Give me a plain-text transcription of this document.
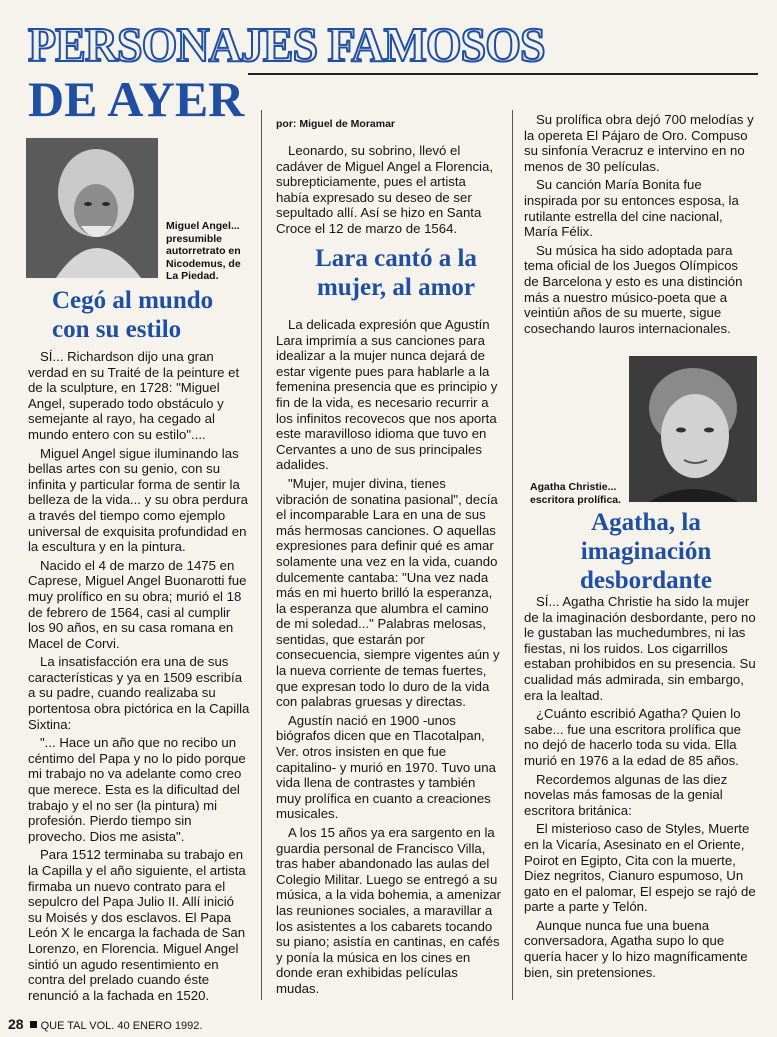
PERSONAJES FAMOSOS
DE AYER
Miguel Angel... presumible autorretrato en Nicodemus, de La Piedad.
Cegó al mundo con su estilo

SÍ... Richardson dijo una gran verdad en su Traité de la peinture et de la sculpture, en 1728: "Miguel Angel, superado todo obstáculo y semejante al rayo, ha cegado al mundo entero con su estilo"....

Miguel Angel sigue iluminando las bellas artes con su genio, con su infinita y particular forma de sentir la belleza de la vida... y su obra perdura a través del tiempo como ejemplo universal de exquisita profundidad en la escultura y en la pintura.

Nacido el 4 de marzo de 1475 en Caprese, Miguel Angel Buonarotti fue muy prolífico en su obra; murió el 18 de febrero de 1564, casi al cumplir los 90 años, en su casa romana en Macel de Corvi.

La insatisfacción era una de sus características y ya en 1509 escribía a su padre, cuando realizaba su portentosa obra pictórica en la Capilla Sixtina:

"... Hace un año que no recibo un céntimo del Papa y no lo pido porque mi trabajo no va adelante como creo que merece. Esta es la dificultad del trabajo y el no ser (la pintura) mi profesión. Pierdo tiempo sin provecho. Dios me asista".

Para 1512 terminaba su trabajo en la Capilla y el año siguiente, el artista firmaba un nuevo contrato para el sepulcro del Papa Julio II. Allí inició su Moisés y dos esclavos. El Papa León X le encarga la fachada de San Lorenzo, en Florencia. Miguel Angel sintió un agudo resentimiento en contra del prelado cuando éste renunció a la fachada en 1520.

por: Miguel de Moramar
Leonardo, su sobrino, llevó el cadáver de Miguel Angel a Florencia, subrepticiamente, pues el artista había expresado su deseo de ser sepultado allí. Así se hizo en Santa Croce el 12 de marzo de 1564.
Lara cantó a la mujer, al amor

La delicada expresión que Agustín Lara imprimía a sus canciones para idealizar a la mujer nunca dejará de estar vigente pues para hablarle a la femenina presencia que es principio y fin de la vida, es necesario recurrir a los infinitos recovecos que nos aporta este maravilloso idioma que tuvo en Cervantes a uno de sus principales adalides.

"Mujer, mujer divina, tienes vibración de sonatina pasional", decía el incomparable Lara en una de sus más hermosas canciones. O aquellas expresiones para definir qué es amar solamente una vez en la vida, cuando dulcemente cantaba: "Una vez nada más en mi huerto brilló la esperanza, la esperanza que alumbra el camino de mi soledad..." Palabras melosas, sentidas, que estarán por consecuencia, siempre vigentes aún y la nueva corriente de temas fuertes, que expresan todo lo duro de la vida con palabras gruesas y directas.

Agustín nació en 1900 -unos biógrafos dicen que en Tlacotalpan, Ver. otros insisten en que fue capitalino- y murió en 1970. Tuvo una vida llena de contrastes y también muy prolífica en cuanto a creaciones musicales.

A los 15 años ya era sargento en la guardia personal de Francisco Villa, tras haber abandonado las aulas del Colegio Militar. Luego se entregó a su música, a la vida bohemia, a amenizar las reuniones sociales, a maravillar a los asistentes a los cabarets tocando su piano; asistía en cantinas, en cafés y ponía la música en los cines en donde eran exhibidas películas mudas.

Su prolífica obra dejó 700 melodías y la opereta El Pájaro de Oro. Compuso su sinfonía Veracruz e intervino en no menos de 30 películas.

Su canción María Bonita fue inspirada por su entonces esposa, la rutilante estrella del cine nacional, María Félix.

Su música ha sido adoptada para tema oficial de los Juegos Olímpicos de Barcelona y esto es una distinción más a nuestro músico-poeta que a veintiún años de su muerte, sigue cosechando lauros internacionales.

Agatha Christie... escritora prolífica.
Agatha, la imaginación desbordante

SÍ... Agatha Christie ha sido la mujer de la imaginación desbordante, pero no le gustaban las muchedumbres, ni las fiestas, ni los ruidos. Los cigarrillos estaban prohibidos en su presencia. Su cualidad más admirada, sin embargo, era la lealtad.

¿Cuánto escribió Agatha? Quien lo sabe... fue una escritora prolífica que no dejó de hacerlo toda su vida. Ella murió en 1976 a la edad de 85 años.

Recordemos algunas de las diez novelas más famosas de la genial escritora británica:

El misterioso caso de Styles, Muerte en la Vicaría, Asesinato en el Oriente, Poirot en Egipto, Cita con la muerte, Diez negritos, Cianuro espumoso, Un gato en el palomar, El espejo se rajó de parte a parte y Telón.

Aunque nunca fue una buena conversadora, Agatha supo lo que quería hacer y lo hizo magníficamente bien, sin pretensiones.

28 QUE TAL VOL. 40 ENERO 1992.
